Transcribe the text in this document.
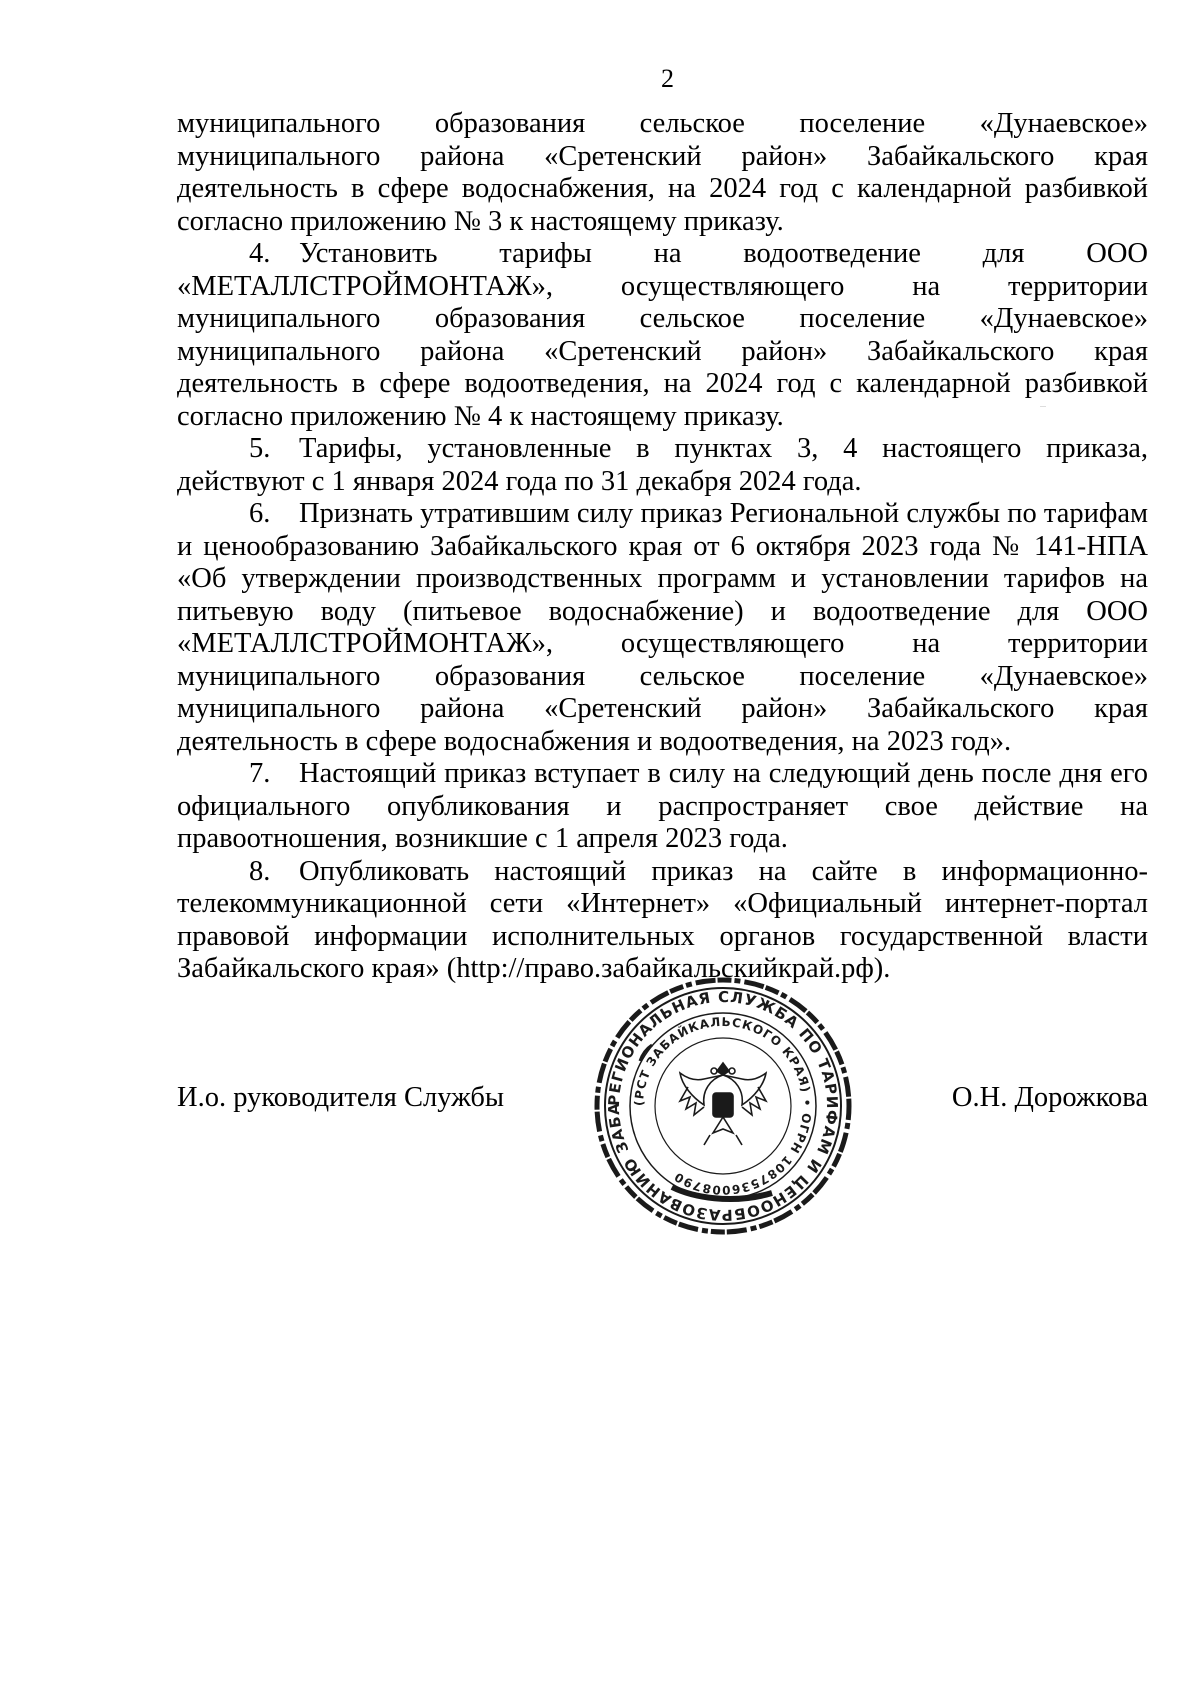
2

муниципального образования сельское поселение «Дунаевское» муниципального района «Сретенский район» Забайкальского края деятельность в сфере водоснабжения, на 2024 год с календарной разбивкой согласно приложению № 3 к настоящему приказу.

4. Установить тарифы на водоотведение для ООО «МЕТАЛЛСТРОЙМОНТАЖ», осуществляющего на территории муниципального образования сельское поселение «Дунаевское» муниципального района «Сретенский район» Забайкальского края деятельность в сфере водоотведения, на 2024 год с календарной разбивкой согласно приложению № 4 к настоящему приказу.

5. Тарифы, установленные в пунктах 3, 4 настоящего приказа, действуют с 1 января 2024 года по 31 декабря 2024 года.

6. Признать утратившим силу приказ Региональной службы по тарифам и ценообразованию Забайкальского края от 6 октября 2023 года № 141-НПА «Об утверждении производственных программ и установлении тарифов на питьевую воду (питьевое водоснабжение) и водоотведение для ООО «МЕТАЛЛСТРОЙМОНТАЖ», осуществляющего на территории муниципального образования сельское поселение «Дунаевское» муниципального района «Сретенский район» Забайкальского края деятельность в сфере водоснабжения и водоотведения, на 2023 год».

7. Настоящий приказ вступает в силу на следующий день после дня его официального опубликования и распространяет свое действие на правоотношения, возникшие с 1 апреля 2023 года.

8. Опубликовать настоящий приказ на сайте в информационно-телекоммуникационной сети «Интернет» «Официальный интернет-портал правовой информации исполнительных органов государственной власти Забайкальского края» (http://право.забайкальскийкрай.рф).

И.о. руководителя Службы	О.Н. Дорожкова
РЕГИОНАЛЬНАЯ СЛУЖБА ПО ТАРИФАМ И ЦЕНООБРАЗОВАНИЮ ЗАБА (РСТ ЗАБАЙКАЛЬСКОГО КРАЯ) • ОГРН 1087536008790
